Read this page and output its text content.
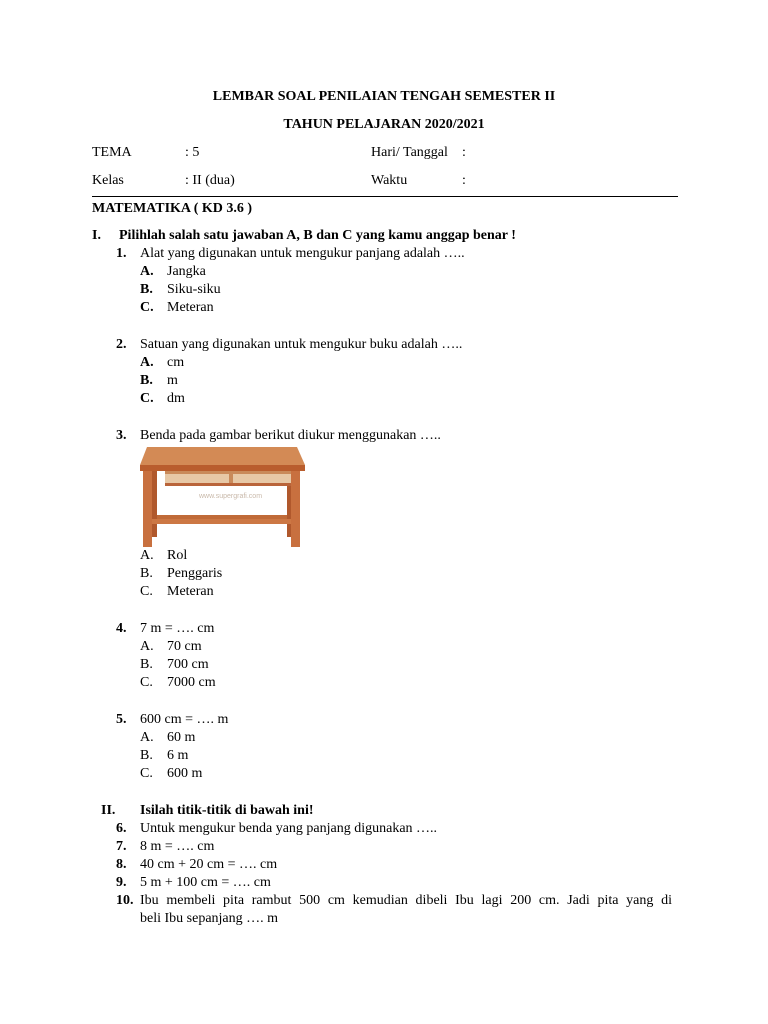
LEMBAR SOAL PENILAIAN TENGAH SEMESTER II
TAHUN PELAJARAN 2020/2021
TEMA	: 5	Hari/ Tanggal :
Kelas	: II (dua)	Waktu	:
MATEMATIKA ( KD 3.6 )
I. Pilihlah salah satu jawaban A, B dan C yang kamu anggap benar !
1. Alat yang digunakan untuk mengukur panjang adalah …..
A. Jangka
B. Siku-siku
C. Meteran
2. Satuan yang digunakan untuk mengukur buku adalah …..
A. cm
B. m
C. dm
3. Benda pada gambar berikut diukur menggunakan …..
www.supergrafi.com
A. Rol
B. Penggaris
C. Meteran
4. 7 m = …. cm
A. 70 cm
B. 700 cm
C. 7000 cm
5. 600 cm = …. m
A. 60 m
B. 6 m
C. 600 m
II. Isilah titik-titik di bawah ini!
6. Untuk mengukur benda yang panjang digunakan …..
7. 8 m = …. cm
8. 40 cm + 20 cm = …. cm
9. 5 m + 100 cm = …. cm
10. Ibu membeli pita rambut 500 cm kemudian dibeli Ibu lagi 200 cm. Jadi pita yang di
beli Ibu sepanjang …. m
